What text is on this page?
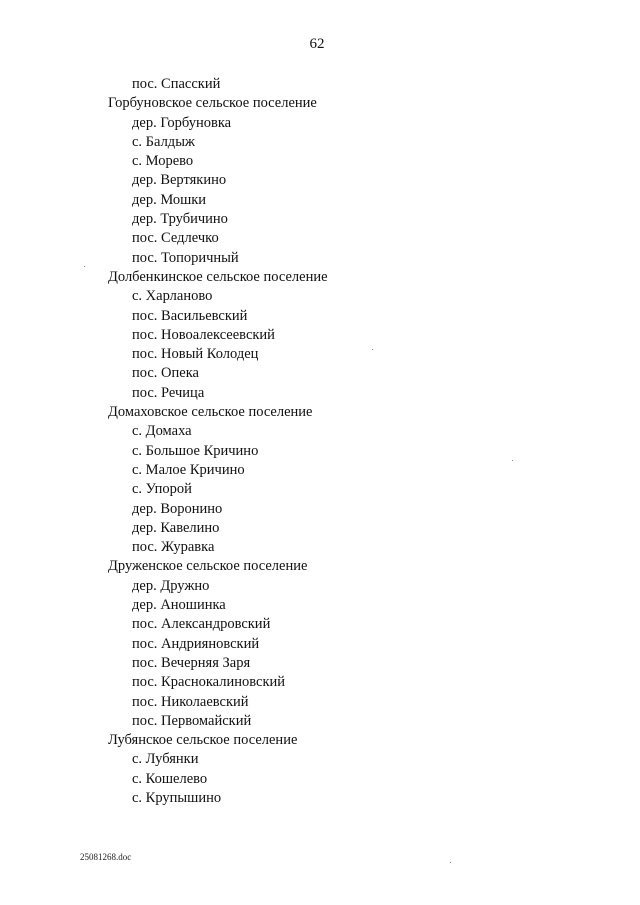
62
пос. Спасский
Горбуновское сельское поселение
дер. Горбуновка
с. Балдыж
с. Морево
дер. Вертякино
дер. Мошки
дер. Трубичино
пос. Седлечко
пос. Топоричный
Долбенкинское сельское поселение
с. Харланово
пос. Васильевский
пос. Новоалексеевский
пос. Новый Колодец
пос. Опека
пос. Речица
Домаховское сельское поселение
с. Домаха
с. Большое Кричино
с. Малое Кричино
с. Упорой
дер. Воронино
дер. Кавелино
пос. Журавка
Друженское сельское поселение
дер. Дружно
дер. Аношинка
пос. Александровский
пос. Андрияновский
пос. Вечерняя Заря
пос. Краснокалиновский
пос. Николаевский
пос. Первомайский
Лубянское сельское поселение
с. Лубянки
с. Кошелево
с. Крупышино
25081268.doc
